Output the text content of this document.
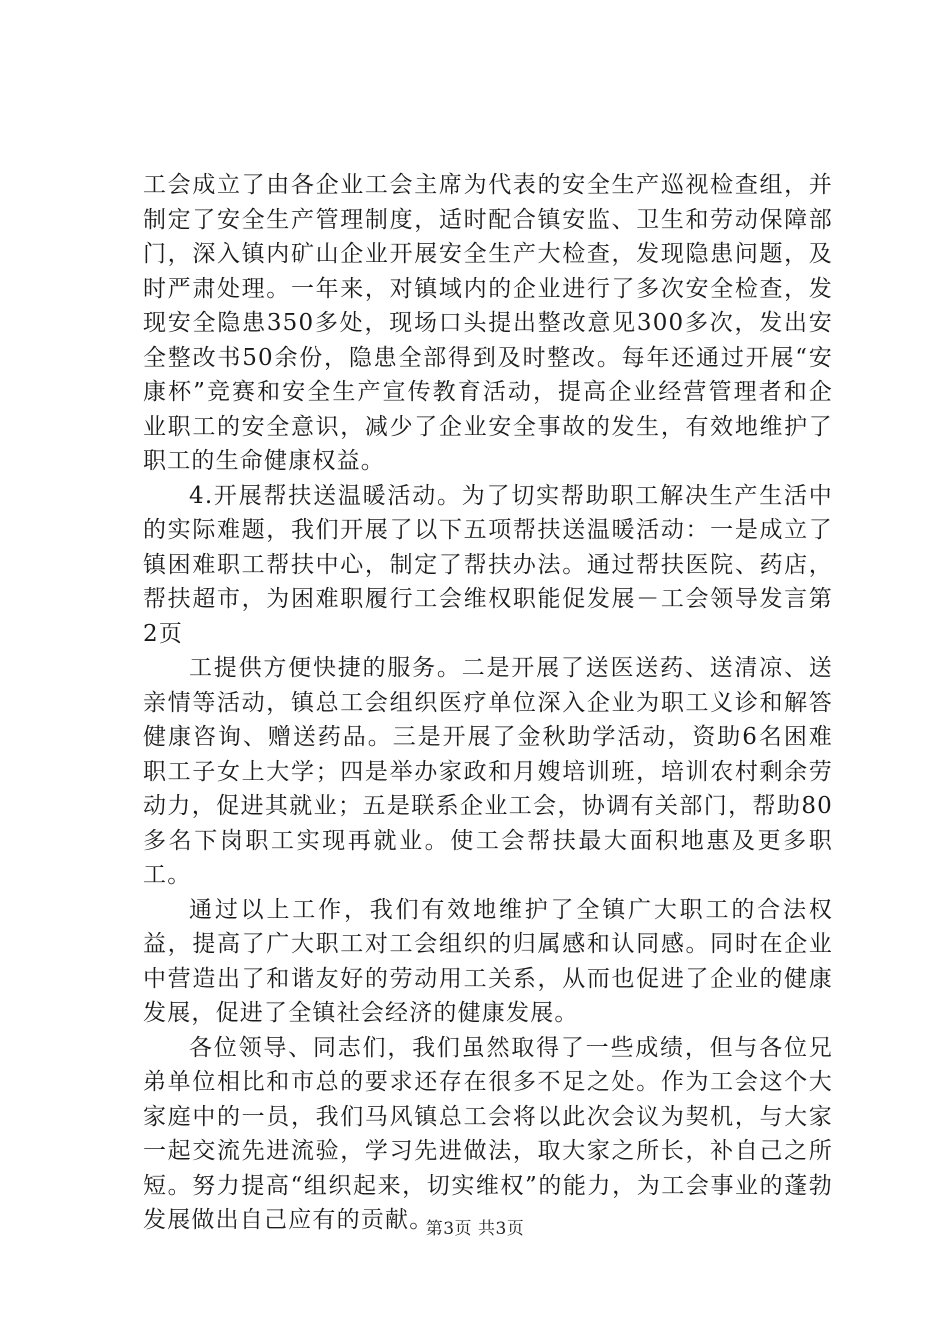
工会成立了由各企业工会主席为代表的安全生产巡视检查组，并制定了安全生产管理制度，适时配合镇安监、卫生和劳动保障部门，深入镇内矿山企业开展安全生产大检查，发现隐患问题，及时严肃处理。一年来，对镇域内的企业进行了多次安全检查，发现安全隐患350多处，现场口头提出整改意见300多次，发出安全整改书50余份，隐患全部得到及时整改。每年还通过开展“安康杯”竞赛和安全生产宣传教育活动，提高企业经营管理者和企业职工的安全意识，减少了企业安全事故的发生，有效地维护了职工的生命健康权益。

4.开展帮扶送温暖活动。为了切实帮助职工解决生产生活中的实际难题，我们开展了以下五项帮扶送温暖活动：一是成立了镇困难职工帮扶中心，制定了帮扶办法。通过帮扶医院、药店，帮扶超市，为困难职履行工会维权职能促发展－工会领导发言第2页

工提供方便快捷的服务。二是开展了送医送药、送清凉、送亲情等活动，镇总工会组织医疗单位深入企业为职工义诊和解答健康咨询、赠送药品。三是开展了金秋助学活动，资助6名困难职工子女上大学；四是举办家政和月嫂培训班，培训农村剩余劳动力，促进其就业；五是联系企业工会，协调有关部门，帮助80多名下岗职工实现再就业。使工会帮扶最大面积地惠及更多职工。

通过以上工作，我们有效地维护了全镇广大职工的合法权益，提高了广大职工对工会组织的归属感和认同感。同时在企业中营造出了和谐友好的劳动用工关系，从而也促进了企业的健康发展，促进了全镇社会经济的健康发展。

各位领导、同志们，我们虽然取得了一些成绩，但与各位兄弟单位相比和市总的要求还存在很多不足之处。作为工会这个大家庭中的一员，我们马风镇总工会将以此次会议为契机，与大家一起交流先进流验，学习先进做法，取大家之所长，补自己之所短。努力提高“组织起来，切实维权”的能力，为工会事业的蓬勃发展做出自己应有的贡献。

第3页 共3页
